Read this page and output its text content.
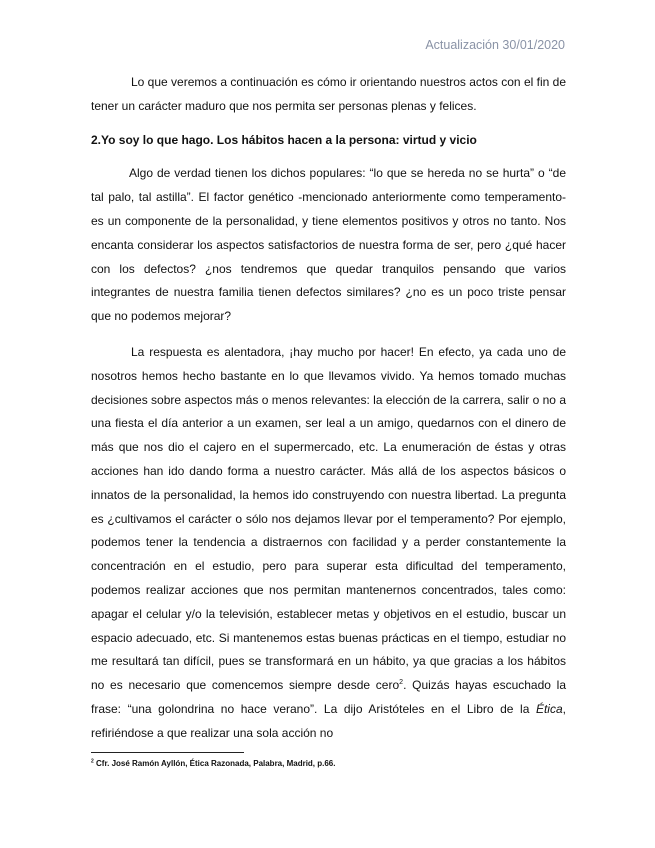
Actualización 30/01/2020

Lo que veremos a continuación es cómo ir orientando nuestros actos con el fin de tener un carácter maduro que nos permita ser personas plenas y felices.

2.Yo soy lo que hago. Los hábitos hacen a la persona: virtud y vicio

Algo de verdad tienen los dichos populares: “lo que se hereda no se hurta” o “de tal palo, tal astilla”. El factor genético -mencionado anteriormente como temperamento- es un componente de la personalidad, y tiene elementos positivos y otros no tanto. Nos encanta considerar los aspectos satisfactorios de nuestra forma de ser, pero ¿qué hacer con los defectos? ¿nos tendremos que quedar tranquilos pensando que varios integrantes de nuestra familia tienen defectos similares? ¿no es un poco triste pensar que no podemos mejorar?

La respuesta es alentadora, ¡hay mucho por hacer! En efecto, ya cada uno de nosotros hemos hecho bastante en lo que llevamos vivido. Ya hemos tomado muchas decisiones sobre aspectos más o menos relevantes: la elección de la carrera, salir o no a una fiesta el día anterior a un examen, ser leal a un amigo, quedarnos con el dinero de más que nos dio el cajero en el supermercado, etc. La enumeración de éstas y otras acciones han ido dando forma a nuestro carácter. Más allá de los aspectos básicos o innatos de la personalidad, la hemos ido construyendo con nuestra libertad. La pregunta es ¿cultivamos el carácter o sólo nos dejamos llevar por el temperamento? Por ejemplo, podemos tener la tendencia a distraernos con facilidad y a perder constantemente la concentración en el estudio, pero para superar esta dificultad del temperamento, podemos realizar acciones que nos permitan mantenernos concentrados, tales como: apagar el celular y/o la televisión, establecer metas y objetivos en el estudio, buscar un espacio adecuado, etc. Si mantenemos estas buenas prácticas en el tiempo, estudiar no me resultará tan difícil, pues se transformará en un hábito, ya que gracias a los hábitos no es necesario que comencemos siempre desde cero$^2$. Quizás hayas escuchado la frase: “una golondrina no hace verano”. La dijo Aristóteles en el Libro de la Ética, refiriéndose a que realizar una sola acción no

$^2$ Cfr. José Ramón Ayllón, Ética Razonada, Palabra, Madrid, p.66.
